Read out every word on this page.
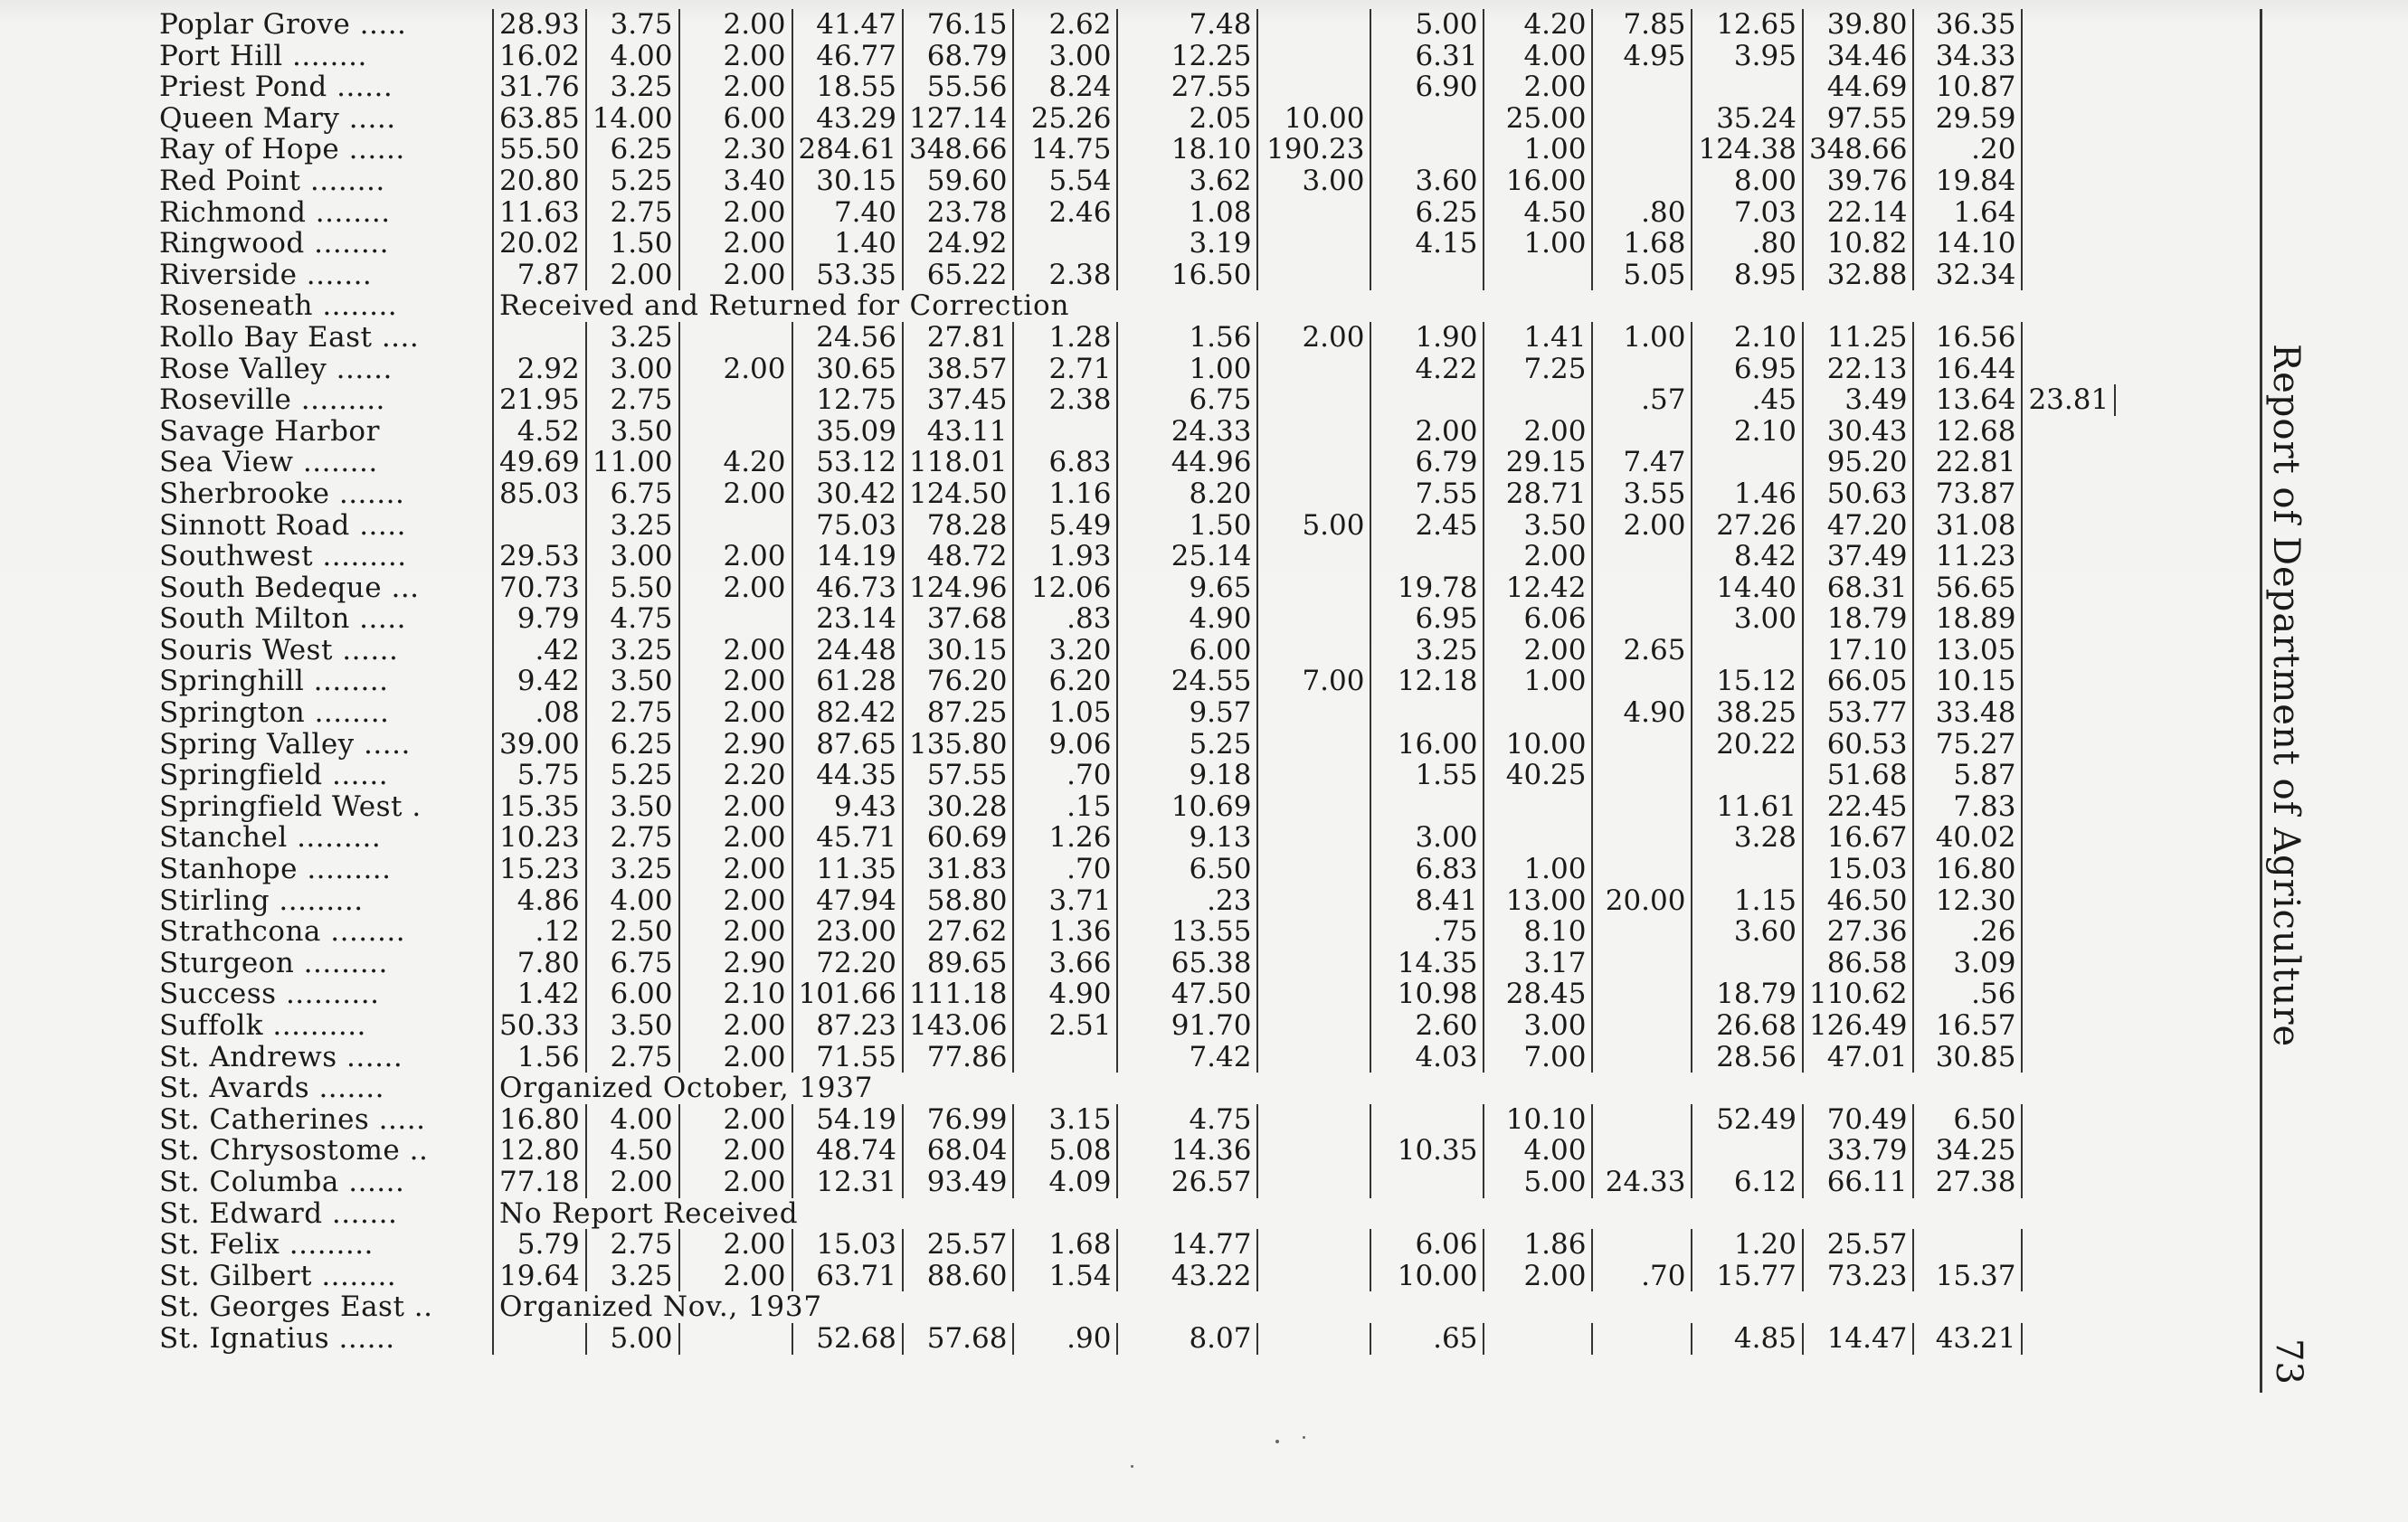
Poplar Grove .....	28.93	3.75	2.00	41.47	76.15	2.62	7.48		5.00	4.20	7.85	12.65	39.80	36.35	
Port Hill ........	16.02	4.00	2.00	46.77	68.79	3.00	12.25		6.31	4.00	4.95	3.95	34.46	34.33	
Priest Pond ......	31.76	3.25	2.00	18.55	55.56	8.24	27.55		6.90	2.00			44.69	10.87	
Queen Mary .....	63.85	14.00	6.00	43.29	127.14	25.26	2.05	10.00		25.00		35.24	97.55	29.59	
Ray of Hope ......	55.50	6.25	2.30	284.61	348.66	14.75	18.10	190.23		1.00		124.38	348.66	.20	
Red Point ........	20.80	5.25	3.40	30.15	59.60	5.54	3.62	3.00	3.60	16.00		8.00	39.76	19.84	
Richmond ........	11.63	2.75	2.00	7.40	23.78	2.46	1.08		6.25	4.50	.80	7.03	22.14	1.64	
Ringwood ........	20.02	1.50	2.00	1.40	24.92		3.19		4.15	1.00	1.68	.80	10.82	14.10	
Riverside .......	7.87	2.00	2.00	53.35	65.22	2.38	16.50				5.05	8.95	32.88	32.34	
Roseneath ........	Received and Returned for Correction														
Rollo Bay East ....		3.25		24.56	27.81	1.28	1.56	2.00	1.90	1.41	1.00	2.10	11.25	16.56	
Rose Valley ......	2.92	3.00	2.00	30.65	38.57	2.71	1.00		4.22	7.25		6.95	22.13	16.44	
Roseville .........	21.95	2.75		12.75	37.45	2.38	6.75				.57	.45	3.49	13.64	23.81
Savage Harbor	4.52	3.50		35.09	43.11		24.33		2.00	2.00		2.10	30.43	12.68	
Sea View ........	49.69	11.00	4.20	53.12	118.01	6.83	44.96		6.79	29.15	7.47		95.20	22.81	
Sherbrooke .......	85.03	6.75	2.00	30.42	124.50	1.16	8.20		7.55	28.71	3.55	1.46	50.63	73.87	
Sinnott Road .....		3.25		75.03	78.28	5.49	1.50	5.00	2.45	3.50	2.00	27.26	47.20	31.08	
Southwest .........	29.53	3.00	2.00	14.19	48.72	1.93	25.14			2.00		8.42	37.49	11.23	
South Bedeque ...	70.73	5.50	2.00	46.73	124.96	12.06	9.65		19.78	12.42		14.40	68.31	56.65	
South Milton .....	9.79	4.75		23.14	37.68	.83	4.90		6.95	6.06		3.00	18.79	18.89	
Souris West ......	.42	3.25	2.00	24.48	30.15	3.20	6.00		3.25	2.00	2.65		17.10	13.05	
Springhill ........	9.42	3.50	2.00	61.28	76.20	6.20	24.55	7.00	12.18	1.00		15.12	66.05	10.15	
Springton ........	.08	2.75	2.00	82.42	87.25	1.05	9.57				4.90	38.25	53.77	33.48	
Spring Valley .....	39.00	6.25	2.90	87.65	135.80	9.06	5.25		16.00	10.00		20.22	60.53	75.27	
Springfield ......	5.75	5.25	2.20	44.35	57.55	.70	9.18		1.55	40.25			51.68	5.87	
Springfield West .	15.35	3.50	2.00	9.43	30.28	.15	10.69					11.61	22.45	7.83	
Stanchel .........	10.23	2.75	2.00	45.71	60.69	1.26	9.13		3.00			3.28	16.67	40.02	
Stanhope .........	15.23	3.25	2.00	11.35	31.83	.70	6.50		6.83	1.00			15.03	16.80	
Stirling .........	4.86	4.00	2.00	47.94	58.80	3.71	.23		8.41	13.00	20.00	1.15	46.50	12.30	
Strathcona ........	.12	2.50	2.00	23.00	27.62	1.36	13.55		.75	8.10		3.60	27.36	.26	
Sturgeon .........	7.80	6.75	2.90	72.20	89.65	3.66	65.38		14.35	3.17			86.58	3.09	
Success ..........	1.42	6.00	2.10	101.66	111.18	4.90	47.50		10.98	28.45		18.79	110.62	.56	
Suffolk ..........	50.33	3.50	2.00	87.23	143.06	2.51	91.70		2.60	3.00		26.68	126.49	16.57	
St. Andrews ......	1.56	2.75	2.00	71.55	77.86		7.42		4.03	7.00		28.56	47.01	30.85	
St. Avards .......	Organized October, 1937														
St. Catherines .....	16.80	4.00	2.00	54.19	76.99	3.15	4.75			10.10		52.49	70.49	6.50	
St. Chrysostome ..	12.80	4.50	2.00	48.74	68.04	5.08	14.36		10.35	4.00			33.79	34.25	
St. Columba ......	77.18	2.00	2.00	12.31	93.49	4.09	26.57			5.00	24.33	6.12	66.11	27.38	
St. Edward .......	No Report Received														
St. Felix .........	5.79	2.75	2.00	15.03	25.57	1.68	14.77		6.06	1.86		1.20	25.57		
St. Gilbert ........	19.64	3.25	2.00	63.71	88.60	1.54	43.22		10.00	2.00	.70	15.77	73.23	15.37	
St. Georges East ..	Organized Nov., 1937														
St. Ignatius ......		5.00		52.68	57.68	.90	8.07		.65			4.85	14.47	43.21	
Report of Department of Agriculture
73
